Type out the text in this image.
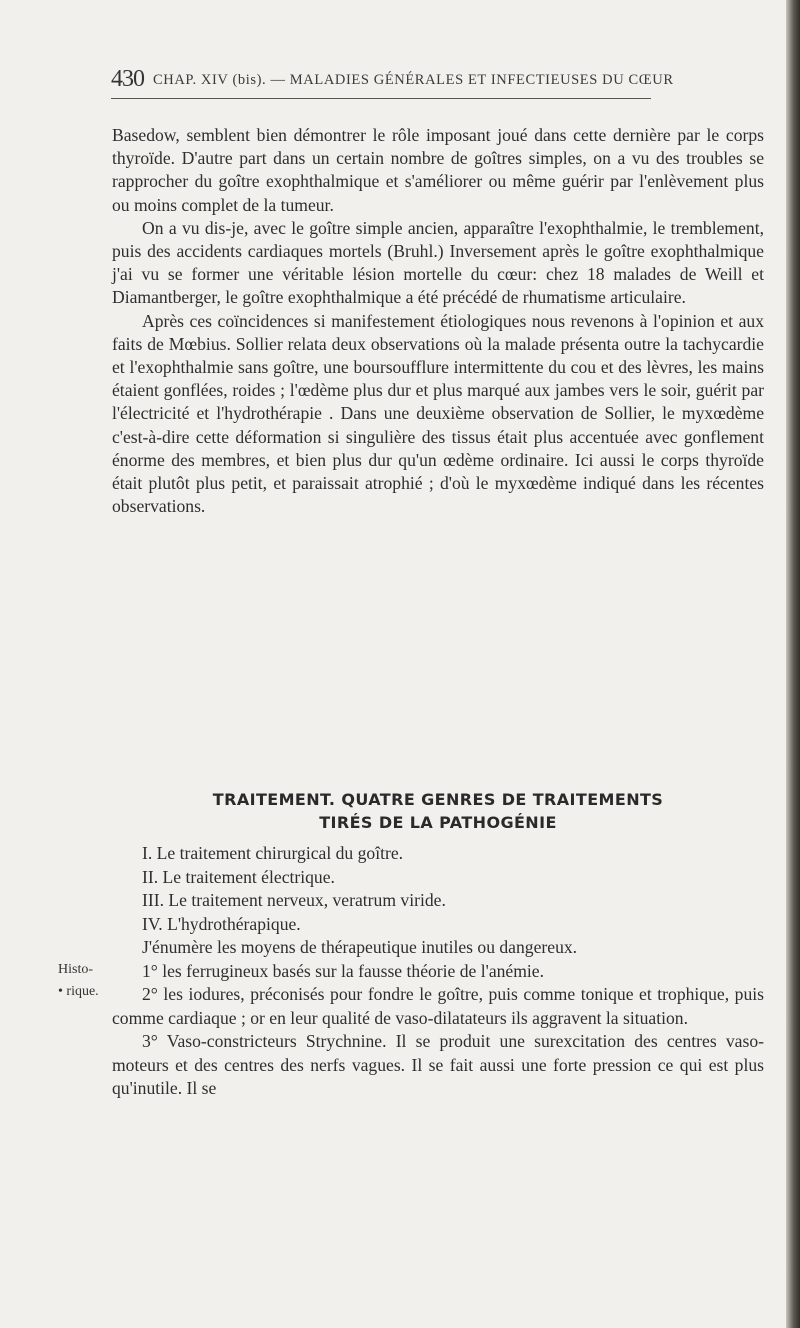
430 CHAP. XIV (bis). — MALADIES GÉNÉRALES ET INFECTIEUSES DU CŒUR

Basedow, semblent bien démontrer le rôle imposant joué dans cette dernière par le corps thyroïde. D'autre part dans un certain nombre de goîtres simples, on a vu des troubles se rapprocher du goître exophthalmique et s'améliorer ou même guérir par l'enlèvement plus ou moins complet de la tumeur.

On a vu dis-je, avec le goître simple ancien, apparaître l'exophthalmie, le tremblement, puis des accidents cardiaques mortels (Bruhl.) Inversement après le goître exophthalmique j'ai vu se former une véritable lésion mortelle du cœur: chez 18 malades de Weill et Diamantberger, le goître exophthalmique a été précédé de rhumatisme articulaire.

Après ces coïncidences si manifestement étiologiques nous revenons à l'opinion et aux faits de Mœbius. Sollier relata deux observations où la malade présenta outre la tachycardie et l'exophthalmie sans goître, une boursoufflure intermittente du cou et des lèvres, les mains étaient gonflées, roides ; l'œdème plus dur et plus marqué aux jambes vers le soir, guérit par l'électricité et l'hydrothérapie . Dans une deuxième observation de Sollier, le myxœdème c'est-à-dire cette déformation si singulière des tissus était plus accentuée avec gonflement énorme des membres, et bien plus dur qu'un œdème ordinaire. Ici aussi le corps thyroïde était plutôt plus petit, et paraissait atrophié ; d'où le myxœdème indiqué dans les récentes observations.

TRAITEMENT. QUATRE GENRES DE TRAITEMENTS
TIRÉS DE LA PATHOGÉNIE
I. Le traitement chirurgical du goître.
II. Le traitement électrique.
III. Le traitement nerveux, veratrum viride.
IV. L'hydrothérapique.

J'énumère les moyens de thérapeutique inutiles ou dangereux.

1° les ferrugineux basés sur la fausse théorie de l'anémie.

2° les iodures, préconisés pour fondre le goître, puis comme tonique et trophique, puis comme cardiaque ; or en leur qualité de vaso-dilatateurs ils aggravent la situation.

3° Vaso-constricteurs Strychnine. Il se produit une surexcitation des centres vaso-moteurs et des centres des nerfs vagues. Il se fait aussi une forte pression ce qui est plus qu'inutile. Il se

Histo-
• rique.
